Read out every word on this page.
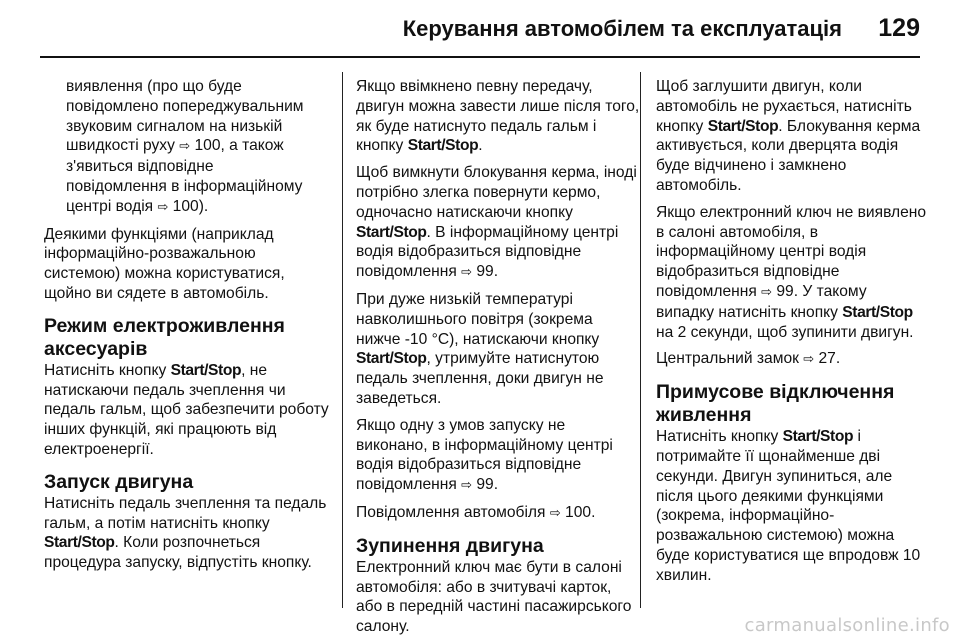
Керування автомобілем та експлуатація 129

виявлення (про що буде
повідомлено попереджувальним
звуковим сигналом на низькій
швидкості руху ⇨ 100, а також
з'явиться відповідне
повідомлення в інформаційному
центрі водія ⇨ 100).

Деякими функціями (наприклад інформаційно-розважальною системою) можна користуватися, щойно ви сядете в автомобіль.

Режим електроживлення аксесуарів

Натисніть кнопку Start/Stop, не натискаючи педаль зчеплення чи педаль гальм, щоб забезпечити роботу інших функцій, які працюють від електроенергії.

Запуск двигуна

Натисніть педаль зчеплення та педаль гальм, а потім натисніть кнопку Start/Stop. Коли розпочнеться процедура запуску, відпустіть кнопку.

Якщо ввімкнено певну передачу, двигун можна завести лише після того, як буде натиснуто педаль гальм і кнопку Start/Stop.

Щоб вимкнути блокування керма, іноді потрібно злегка повернути кермо, одночасно натискаючи кнопку Start/Stop. В інформаційному центрі водія відобразиться відповідне повідомлення ⇨ 99.

При дуже низькій температурі навколишнього повітря (зокрема нижче -10 °C), натискаючи кнопку Start/Stop, утримуйте натиснутою педаль зчеплення, доки двигун не заведеться.

Якщо одну з умов запуску не виконано, в інформаційному центрі водія відобразиться відповідне повідомлення ⇨ 99.

Повідомлення автомобіля ⇨ 100.

Зупинення двигуна

Електронний ключ має бути в салоні автомобіля: або в зчитувачі карток, або в передній частині пасажирського салону.

Щоб заглушити двигун, коли автомобіль не рухається, натисніть кнопку Start/Stop. Блокування керма активується, коли дверцята водія буде відчинено і замкнено автомобіль.

Якщо електронний ключ не виявлено в салоні автомобіля, в інформаційному центрі водія відобразиться відповідне повідомлення ⇨ 99. У такому випадку натисніть кнопку Start/Stop на 2 секунди, щоб зупинити двигун.

Центральний замок ⇨ 27.

Примусове відключення живлення

Натисніть кнопку Start/Stop і потримайте її щонайменше дві секунди. Двигун зупиниться, але після цього деякими функціями (зокрема, інформаційно-розважальною системою) можна буде користуватися ще впродовж 10 хвилин.

carmanualsonline.info
